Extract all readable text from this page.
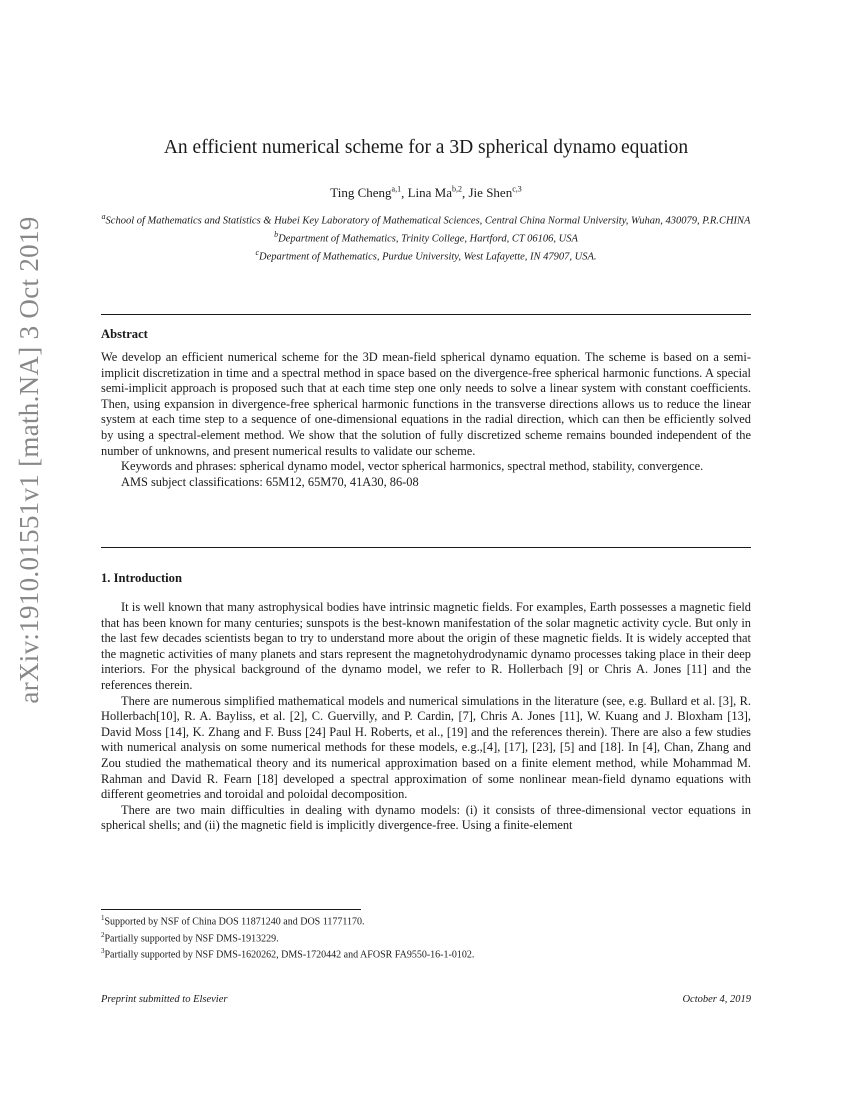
arXiv:1910.01551v1 [math.NA] 3 Oct 2019
An efficient numerical scheme for a 3D spherical dynamo equation
Ting Cheng$^{a,1}$, Lina Ma$^{b,2}$, Jie Shen$^{c,3}$
$^a$School of Mathematics and Statistics & Hubei Key Laboratory of Mathematical Sciences, Central China Normal University, Wuhan, 430079, P.R.CHINA
$^b$Department of Mathematics, Trinity College, Hartford, CT 06106, USA
$^c$Department of Mathematics, Purdue University, West Lafayette, IN 47907, USA.
Abstract

We develop an efficient numerical scheme for the 3D mean-field spherical dynamo equation. The scheme is based on a semi-implicit discretization in time and a spectral method in space based on the divergence-free spherical harmonic functions. A special semi-implicit approach is proposed such that at each time step one only needs to solve a linear system with constant coefficients. Then, using expansion in divergence-free spherical harmonic functions in the transverse directions allows us to reduce the linear system at each time step to a sequence of one-dimensional equations in the radial direction, which can then be efficiently solved by using a spectral-element method. We show that the solution of fully discretized scheme remains bounded independent of the number of unknowns, and present numerical results to validate our scheme.

Keywords and phrases: spherical dynamo model, vector spherical harmonics, spectral method, stability, convergence.

AMS subject classifications: 65M12, 65M70, 41A30, 86-08

1. Introduction

It is well known that many astrophysical bodies have intrinsic magnetic fields. For examples, Earth possesses a magnetic field that has been known for many centuries; sunspots is the best-known manifestation of the solar magnetic activity cycle. But only in the last few decades scientists began to try to understand more about the origin of these magnetic fields. It is widely accepted that the magnetic activities of many planets and stars represent the magnetohydrodynamic dynamo processes taking place in their deep interiors. For the physical background of the dynamo model, we refer to R. Hollerbach [9] or Chris A. Jones [11] and the references therein.

There are numerous simplified mathematical models and numerical simulations in the literature (see, e.g. Bullard et al. [3], R. Hollerbach[10], R. A. Bayliss, et al. [2], C. Guervilly, and P. Cardin, [7], Chris A. Jones [11], W. Kuang and J. Bloxham [13], David Moss [14], K. Zhang and F. Buss [24] Paul H. Roberts, et al., [19] and the references therein). There are also a few studies with numerical analysis on some numerical methods for these models, e.g.,[4], [17], [23], [5] and [18]. In [4], Chan, Zhang and Zou studied the mathematical theory and its numerical approximation based on a finite element method, while Mohammad M. Rahman and David R. Fearn [18] developed a spectral approximation of some nonlinear mean-field dynamo equations with different geometries and toroidal and poloidal decomposition.

There are two main difficulties in dealing with dynamo models: (i) it consists of three-dimensional vector equations in spherical shells; and (ii) the magnetic field is implicitly divergence-free. Using a finite-element

$^1$Supported by NSF of China DOS 11871240 and DOS 11771170.
$^2$Partially supported by NSF DMS-1913229.
$^3$Partially supported by NSF DMS-1620262, DMS-1720442 and AFOSR FA9550-16-1-0102.
Preprint submitted to Elsevier	October 4, 2019
